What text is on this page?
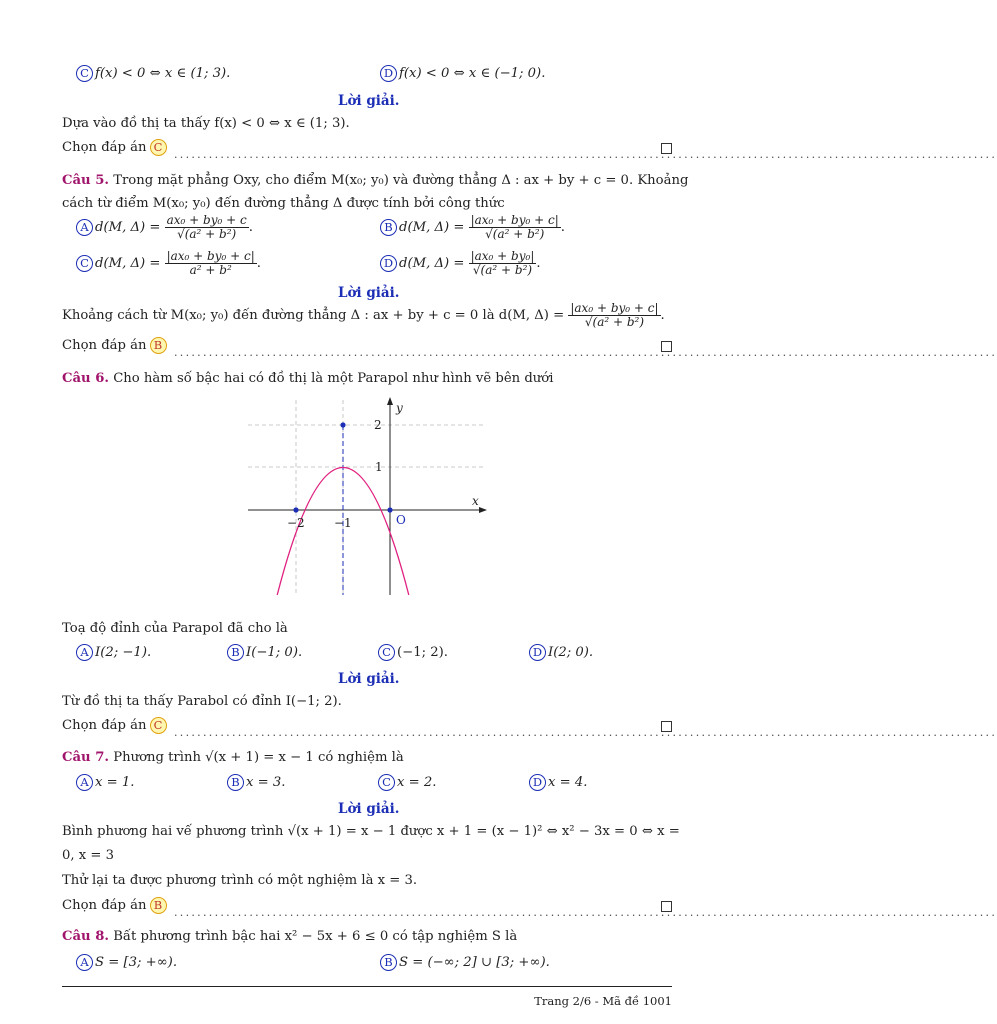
C f(x) < 0 ⇔ x ∈ (1; 3).	D f(x) < 0 ⇔ x ∈ (−1; 0).
Lời giải.
Dựa vào đồ thị ta thấy f(x) < 0 ⇔ x ∈ (1; 3).
Chọn đáp án C
..............................................................................................................................................
Câu 5. Trong mặt phẳng Oxy, cho điểm M(x₀; y₀) và đường thẳng Δ : ax + by + c = 0. Khoảng
cách từ điểm M(x₀; y₀) đến đường thẳng Δ được tính bởi công thức
A d(M, $\Delta) = \frac{\text{ax₀ + by₀ + c}}{\text{√(a² + b²)}}$ .	B d(M, $\Delta) = \frac{\text{|ax₀ + by₀ + c|}}{\text{√(a² + b²)}}$ .
C d(M, $\Delta) = \frac{\text{|ax₀ + by₀ + c|}}{\text{a² + b²}}$ .	D d(M, $\Delta) = \frac{\text{|ax₀ + by₀|}}{\text{√(a² + b²)}}$ .
Lời giải.
Khoảng cách từ M(x₀; y₀) đến đường thẳng Δ : ax + by + c = 0 là d(M, $\Delta) = \frac{\text{|ax₀ + by₀ + c|}}{\text{√(a² + b²)}}$ .
Chọn đáp án B
..............................................................................................................................................
Câu 6. Cho hàm số bậc hai có đồ thị là một Parapol như hình vẽ bên dưới
y
x
O
2
1
−2 −1
Toạ độ đỉnh của Parapol đã cho là
A I(2; −1).	B I(−1; 0).	C (−1; 2).	D I(2; 0).
Lời giải.
Từ đồ thị ta thấy Parabol có đỉnh I(−1; 2).
Chọn đáp án C
..............................................................................................................................................
Câu 7. Phương trình √(x + 1) = x − 1 có nghiệm là
A x = 1.	B x = 3.	C x = 2.	D x = 4.
Lời giải.
Bình phương hai vế phương trình √(x + 1) = x − 1 được x + 1 = (x − 1)² ⇔ x² − 3x = 0 ⇔ x =
0, x = 3
Thử lại ta được phương trình có một nghiệm là x = 3.
Chọn đáp án B
..............................................................................................................................................
Câu 8. Bất phương trình bậc hai x² − 5x + 6 ≤ 0 có tập nghiệm S là
A S = [3; +∞).	B S = (−∞; 2] ∪ [3; +∞).
Trang 2/6 - Mã đề 1001
